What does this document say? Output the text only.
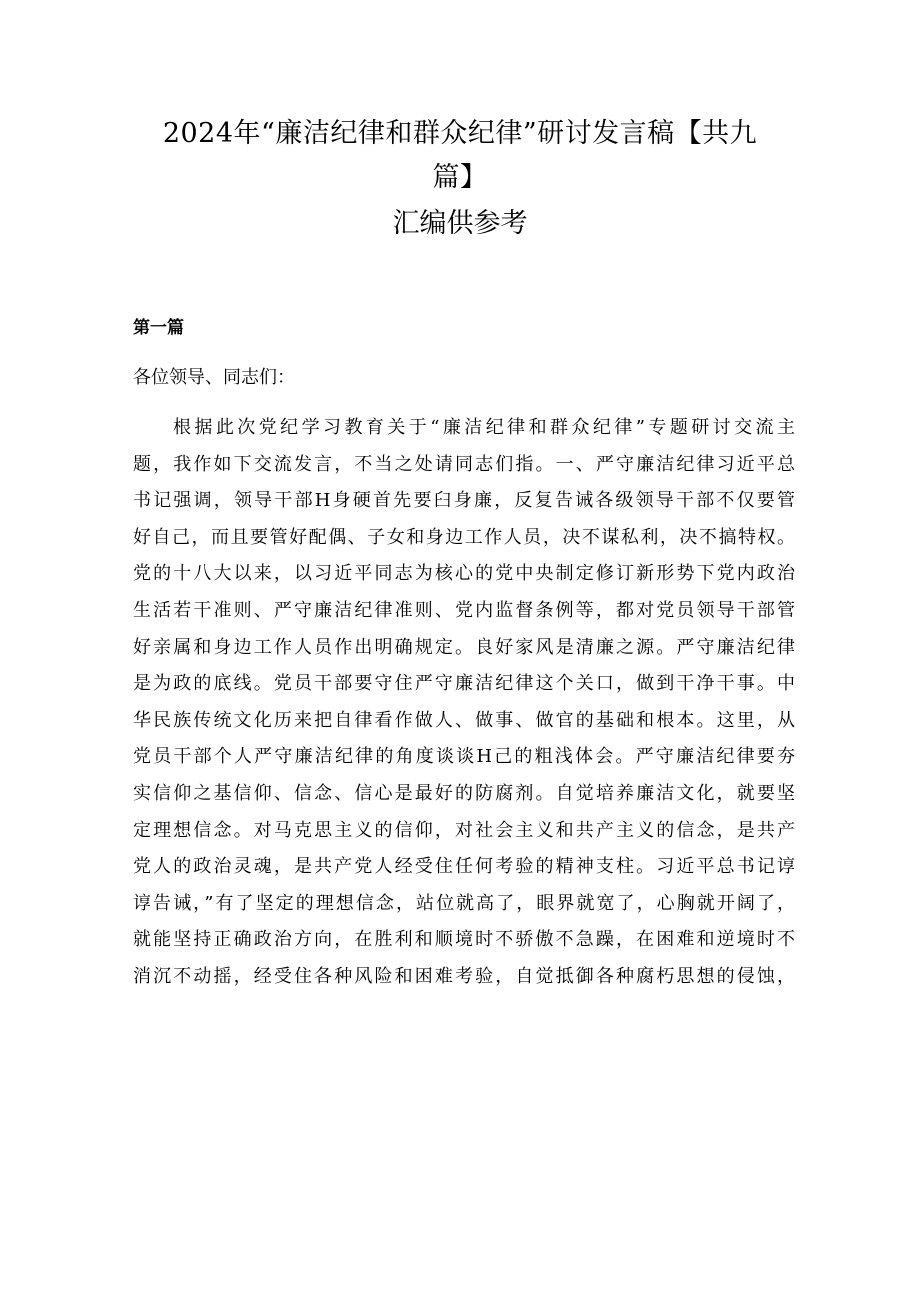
2024年“廉洁纪律和群众纪律”研讨发言稿【共九
篇】
汇编供参考
第一篇
各位领导、同志们：
根据此次党纪学习教育关于“廉洁纪律和群众纪律”专题研讨交流主
题，我作如下交流发言，不当之处请同志们指。一、严守廉洁纪律习近平总
书记强调，领导干部H身硬首先要臼身廉，反复告诫各级领导干部不仅要管
好自己，而且要管好配偶、子女和身边工作人员，决不谋私利，决不搞特权。
党的十八大以来，以习近平同志为核心的党中央制定修订新形势下党内政治
生活若干准则、严守廉洁纪律准则、党内监督条例等，都对党员领导干部管
好亲属和身边工作人员作出明确规定。良好家风是清廉之源。严守廉洁纪律
是为政的底线。党员干部要守住严守廉洁纪律这个关口，做到干净干事。中
华民族传统文化历来把自律看作做人、做事、做官的基础和根本。这里，从
党员干部个人严守廉洁纪律的角度谈谈H己的粗浅体会。严守廉洁纪律要夯
实信仰之基信仰、信念、信心是最好的防腐剂。自觉培养廉洁文化，就要坚
定理想信念。对马克思主义的信仰，对社会主义和共产主义的信念，是共产
党人的政治灵魂，是共产党人经受住任何考验的精神支柱。习近平总书记谆
谆告诫，”有了坚定的理想信念，站位就高了，眼界就宽了，心胸就开阔了，
就能坚持正确政治方向，在胜利和顺境时不骄傲不急躁，在困难和逆境时不
消沉不动摇，经受住各种风险和困难考验，自觉抵御各种腐朽思想的侵蚀，
